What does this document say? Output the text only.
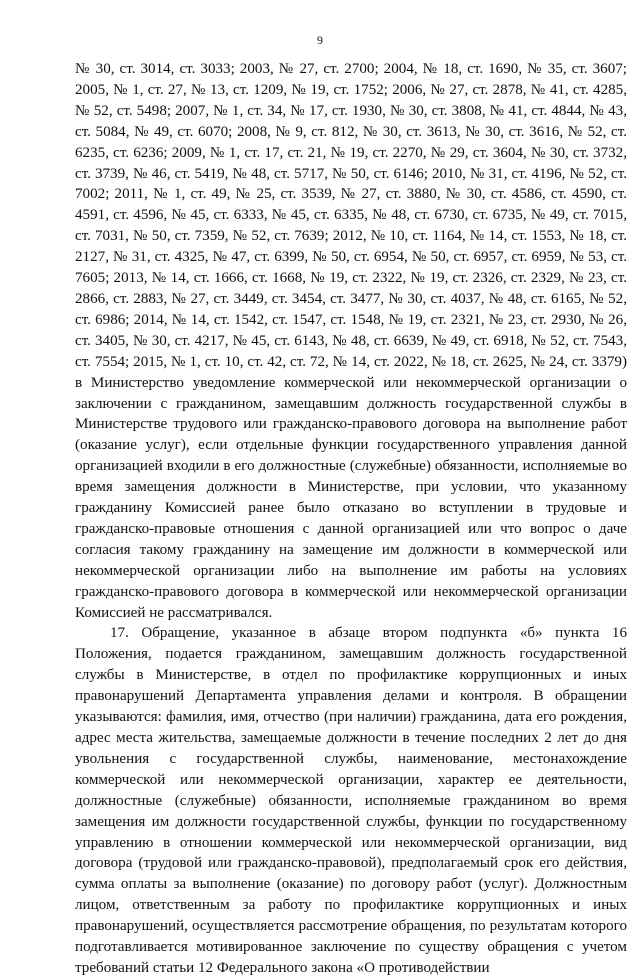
9

№ 30, ст. 3014, ст. 3033; 2003, № 27, ст. 2700; 2004, № 18, ст. 1690, № 35, ст. 3607; 2005, № 1, ст. 27, № 13, ст. 1209, № 19, ст. 1752; 2006, № 27, ст. 2878, № 41, ст. 4285, № 52, ст. 5498; 2007, № 1, ст. 34, № 17, ст. 1930, № 30, ст. 3808, № 41, ст. 4844, № 43, ст. 5084, № 49, ст. 6070; 2008, № 9, ст. 812, № 30, ст. 3613, № 30, ст. 3616, № 52, ст. 6235, ст. 6236; 2009, № 1, ст. 17, ст. 21, № 19, ст. 2270, № 29, ст. 3604, № 30, ст. 3732, ст. 3739, № 46, ст. 5419, № 48, ст. 5717, № 50, ст. 6146; 2010, № 31, ст. 4196, № 52, ст. 7002; 2011, № 1, ст. 49, № 25, ст. 3539, № 27, ст. 3880, № 30, ст. 4586, ст. 4590, ст. 4591, ст. 4596, № 45, ст. 6333, № 45, ст. 6335, № 48, ст. 6730, ст. 6735, № 49, ст. 7015, ст. 7031, № 50, ст. 7359, № 52, ст. 7639; 2012, № 10, ст. 1164, № 14, ст. 1553, № 18, ст. 2127, № 31, ст. 4325, № 47, ст. 6399, № 50, ст. 6954, № 50, ст. 6957, ст. 6959, № 53, ст. 7605; 2013, № 14, ст. 1666, ст. 1668, № 19, ст. 2322, № 19, ст. 2326, ст. 2329, № 23, ст. 2866, ст. 2883, № 27, ст. 3449, ст. 3454, ст. 3477, № 30, ст. 4037, № 48, ст. 6165, № 52, ст. 6986; 2014, № 14, ст. 1542, ст. 1547, ст. 1548, № 19, ст. 2321, № 23, ст. 2930, № 26, ст. 3405, № 30, ст. 4217, № 45, ст. 6143, № 48, ст. 6639, № 49, ст. 6918, № 52, ст. 7543, ст. 7554; 2015, № 1, ст. 10, ст. 42, ст. 72, № 14, ст. 2022, № 18, ст. 2625, № 24, ст. 3379) в Министерство уведомление коммерческой или некоммерческой организации о заключении с гражданином, замещавшим должность государственной службы в Министерстве трудового или гражданско-правового договора на выполнение работ (оказание услуг), если отдельные функции государственного управления данной организацией входили в его должностные (служебные) обязанности, исполняемые во время замещения должности в Министерстве, при условии, что указанному гражданину Комиссией ранее было отказано во вступлении в трудовые и гражданско-правовые отношения с данной организацией или что вопрос о даче согласия такому гражданину на замещение им должности в коммерческой или некоммерческой организации либо на выполнение им работы на условиях гражданско-правового договора в коммерческой или некоммерческой организации Комиссией не рассматривался.

17. Обращение, указанное в абзаце втором подпункта «б» пункта 16 Положения, подается гражданином, замещавшим должность государственной службы в Министерстве, в отдел по профилактике коррупционных и иных правонарушений Департамента управления делами и контроля. В обращении указываются: фамилия, имя, отчество (при наличии) гражданина, дата его рождения, адрес места жительства, замещаемые должности в течение последних 2 лет до дня увольнения с государственной службы, наименование, местонахождение коммерческой или некоммерческой организации, характер ее деятельности, должностные (служебные) обязанности, исполняемые гражданином во время замещения им должности государственной службы, функции по государственному управлению в отношении коммерческой или некоммерческой организации, вид договора (трудовой или гражданско-правовой), предполагаемый срок его действия, сумма оплаты за выполнение (оказание) по договору работ (услуг). Должностным лицом, ответственным за работу по профилактике коррупционных и иных правонарушений, осуществляется рассмотрение обращения, по результатам которого подготавливается мотивированное заключение по существу обращения с учетом требований статьи 12 Федерального закона «О противодействии
